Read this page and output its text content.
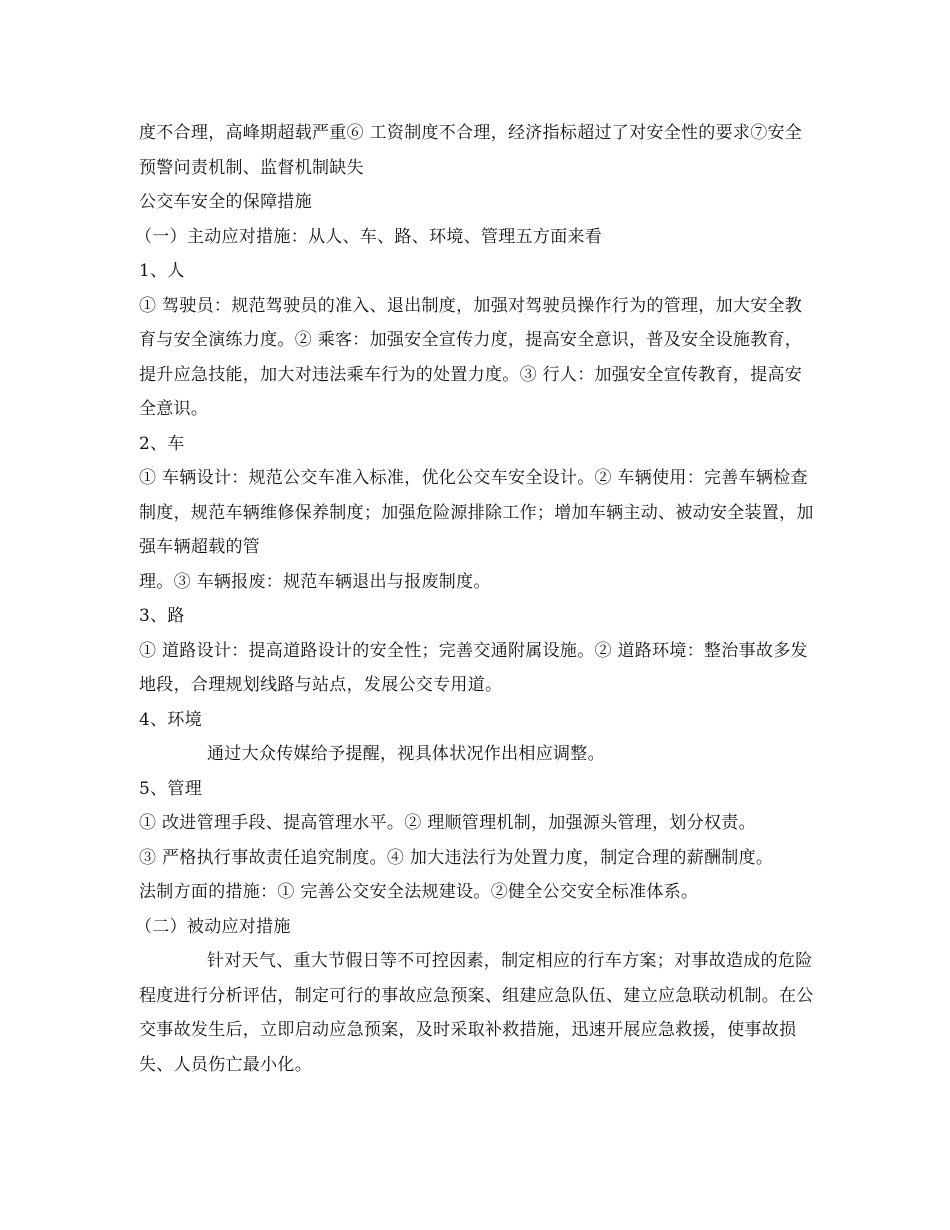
度不合理，高峰期超载严重⑥ 工资制度不合理，经济指标超过了对安全性的要求⑦安全预警问责机制、监督机制缺失

公交车安全的保障措施

（一）主动应对措施：从人、车、路、环境、管理五方面来看

1、人

① 驾驶员：规范驾驶员的准入、退出制度，加强对驾驶员操作行为的管理，加大安全教育与安全演练力度。② 乘客：加强安全宣传力度，提高安全意识，普及安全设施教育，提升应急技能，加大对违法乘车行为的处置力度。③ 行人：加强安全宣传教育，提高安全意识。

2、车

① 车辆设计：规范公交车准入标准，优化公交车安全设计。② 车辆使用：完善车辆检查制度，规范车辆维修保养制度；加强危险源排除工作；增加车辆主动、被动安全装置，加强车辆超载的管

理。③ 车辆报废：规范车辆退出与报废制度。

3、路

① 道路设计：提高道路设计的安全性；完善交通附属设施。② 道路环境：整治事故多发地段，合理规划线路与站点，发展公交专用道。

4、环境

通过大众传媒给予提醒，视具体状况作出相应调整。

5、管理

① 改进管理手段、提高管理水平。② 理顺管理机制，加强源头管理，划分权责。

③ 严格执行事故责任追究制度。④ 加大违法行为处置力度，制定合理的薪酬制度。

法制方面的措施：① 完善公交安全法规建设。②健全公交安全标准体系。

（二）被动应对措施

针对天气、重大节假日等不可控因素，制定相应的行车方案；对事故造成的危险程度进行分析评估，制定可行的事故应急预案、组建应急队伍、建立应急联动机制。在公交事故发生后，立即启动应急预案，及时采取补救措施，迅速开展应急救援，使事故损失、人员伤亡最小化。
